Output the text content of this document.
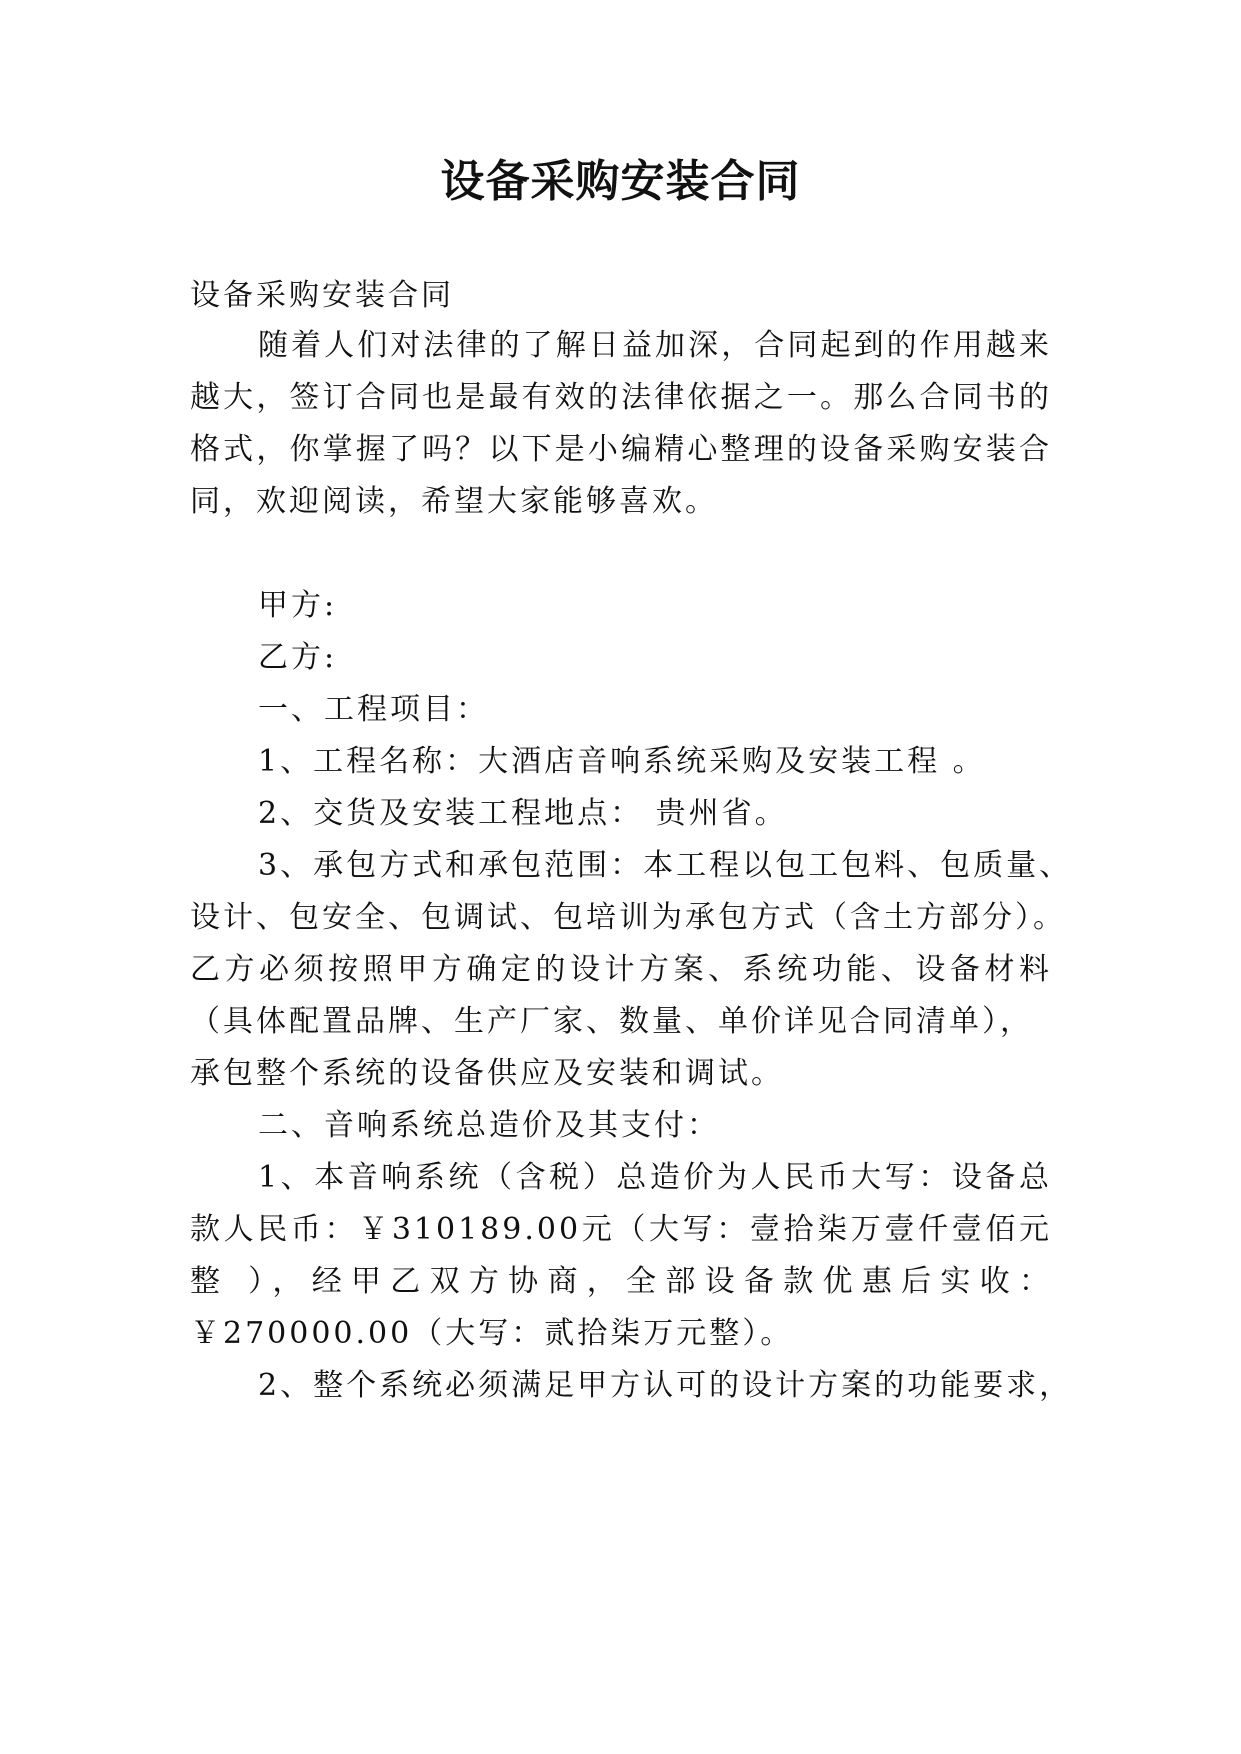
设备采购安装合同

设备采购安装合同

随着人们对法律的了解日益加深，合同起到的作用越来

越大，签订合同也是最有效的法律依据之一。那么合同书的

格式，你掌握了吗？以下是小编精心整理的设备采购安装合

同，欢迎阅读，希望大家能够喜欢。

甲方:

乙方:

一、工程项目：

1、工程名称：大酒店音响系统采购及安装工程 。

2、交货及安装工程地点： 贵州省。

3、承包方式和承包范围：本工程以包工包料、包质量、

设计、包安全、包调试、包培训为承包方式（含土方部分）。

乙方必须按照甲方确定的设计方案、系统功能、设备材料

（具体配置品牌、生产厂家、数量、单价详见合同清单），

承包整个系统的设备供应及安装和调试。

二、音响系统总造价及其支付：

1、本音响系统（含税）总造价为人民币大写：设备总

款人民币：￥310189.00元（大写：壹拾柒万壹仟壹佰元

整 ），经甲乙双方协商，全部设备款优惠后实收：

￥270000.00（大写：贰拾柒万元整）。

2、整个系统必须满足甲方认可的设计方案的功能要求，
